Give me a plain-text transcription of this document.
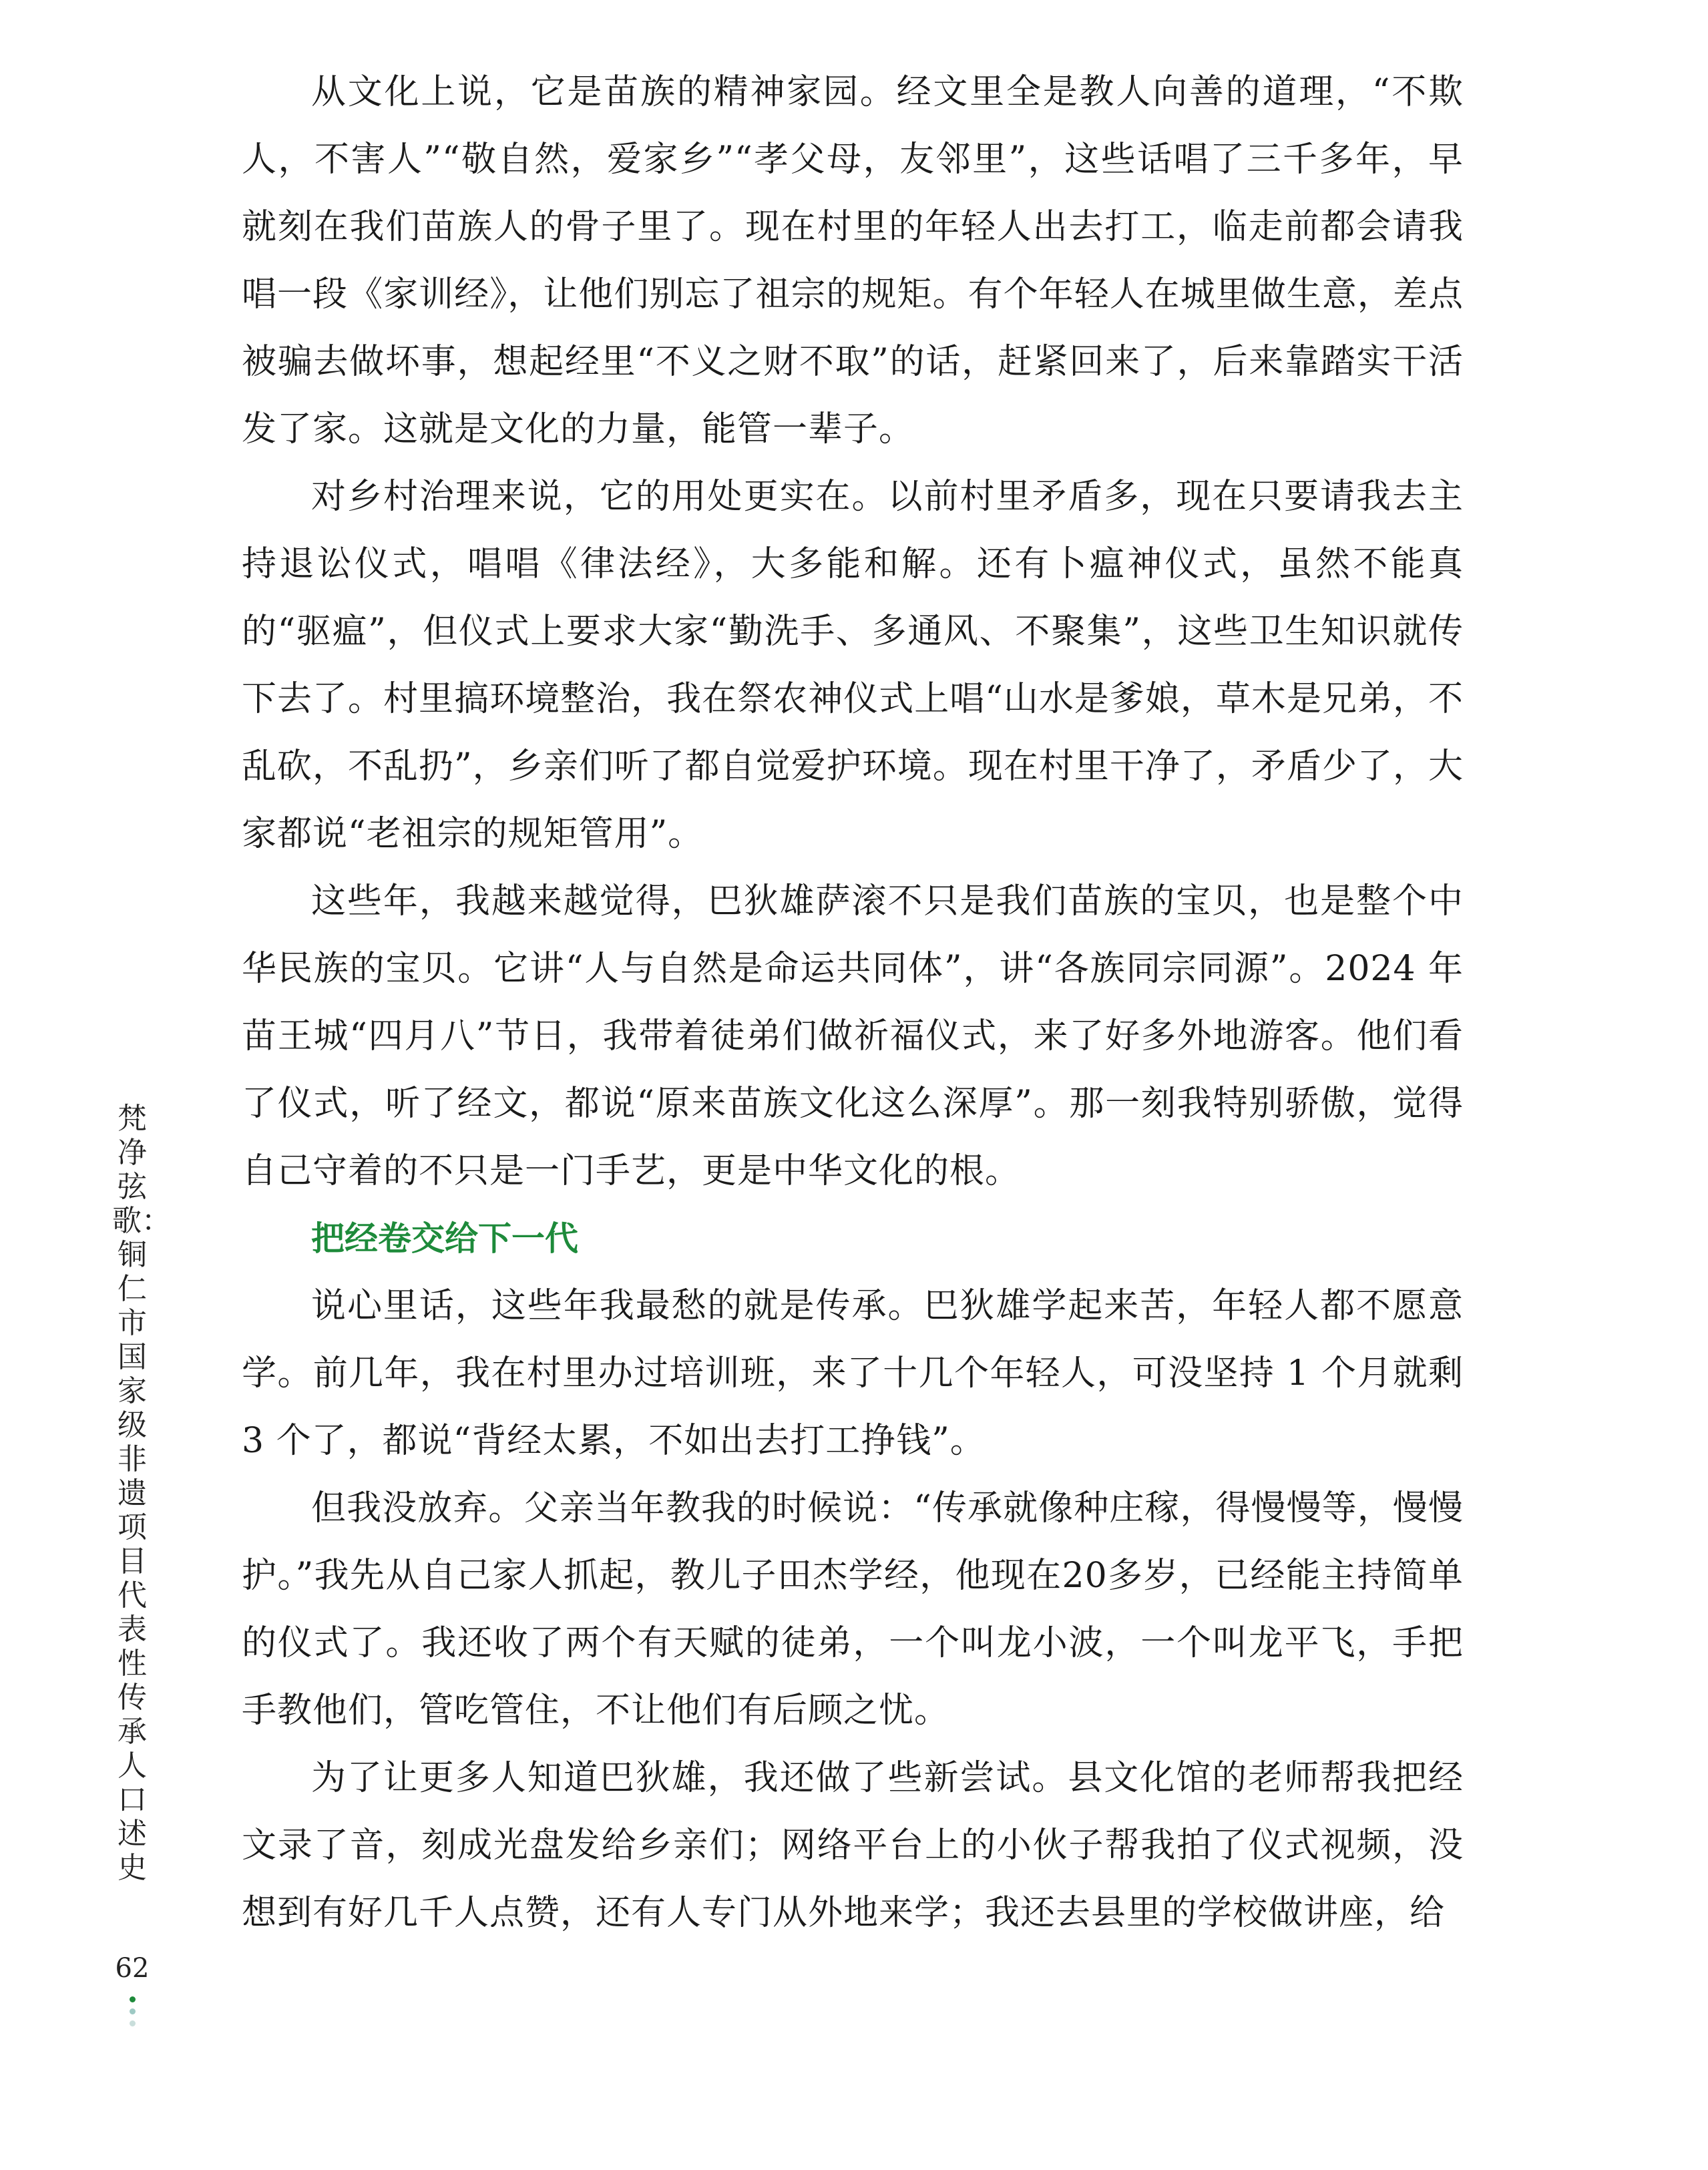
从文化上说，它是苗族的精神家园。经文里全是教人向善的道理，“不欺人，不害人”“敬自然，爱家乡”“孝父母，友邻里”，这些话唱了三千多年，早就刻在我们苗族人的骨子里了。现在村里的年轻人出去打工，临走前都会请我唱一段《家训经》，让他们别忘了祖宗的规矩。有个年轻人在城里做生意，差点被骗去做坏事，想起经里“不义之财不取”的话，赶紧回来了，后来靠踏实干活发了家。这就是文化的力量，能管一辈子。

对乡村治理来说，它的用处更实在。以前村里矛盾多，现在只要请我去主持退讼仪式，唱唱《律法经》，大多能和解。还有卜瘟神仪式，虽然不能真的“驱瘟”，但仪式上要求大家“勤洗手、多通风、不聚集”，这些卫生知识就传下去了。村里搞环境整治，我在祭农神仪式上唱“山水是爹娘，草木是兄弟，不乱砍，不乱扔”，乡亲们听了都自觉爱护环境。现在村里干净了，矛盾少了，大家都说“老祖宗的规矩管用”。

这些年，我越来越觉得，巴狄雄萨滚不只是我们苗族的宝贝，也是整个中华民族的宝贝。它讲“人与自然是命运共同体”，讲“各族同宗同源”。2024 年苗王城“四月八”节日，我带着徒弟们做祈福仪式，来了好多外地游客。他们看了仪式，听了经文，都说“原来苗族文化这么深厚”。那一刻我特别骄傲，觉得自己守着的不只是一门手艺，更是中华文化的根。

把经卷交给下一代

说心里话，这些年我最愁的就是传承。巴狄雄学起来苦，年轻人都不愿意学。前几年，我在村里办过培训班，来了十几个年轻人，可没坚持 1 个月就剩 3 个了，都说“背经太累，不如出去打工挣钱”。

但我没放弃。父亲当年教我的时候说：“传承就像种庄稼，得慢慢等，慢慢护。”我先从自己家人抓起，教儿子田杰学经，他现在20多岁，已经能主持简单的仪式了。我还收了两个有天赋的徒弟，一个叫龙小波，一个叫龙平飞，手把手教他们，管吃管住，不让他们有后顾之忧。

为了让更多人知道巴狄雄，我还做了些新尝试。县文化馆的老师帮我把经文录了音，刻成光盘发给乡亲们；网络平台上的小伙子帮我拍了仪式视频，没想到有好几千人点赞，还有人专门从外地来学；我还去县里的学校做讲座，给

梵净弦歌：铜仁市国家级非遗项目代表性传承人口述史
62
